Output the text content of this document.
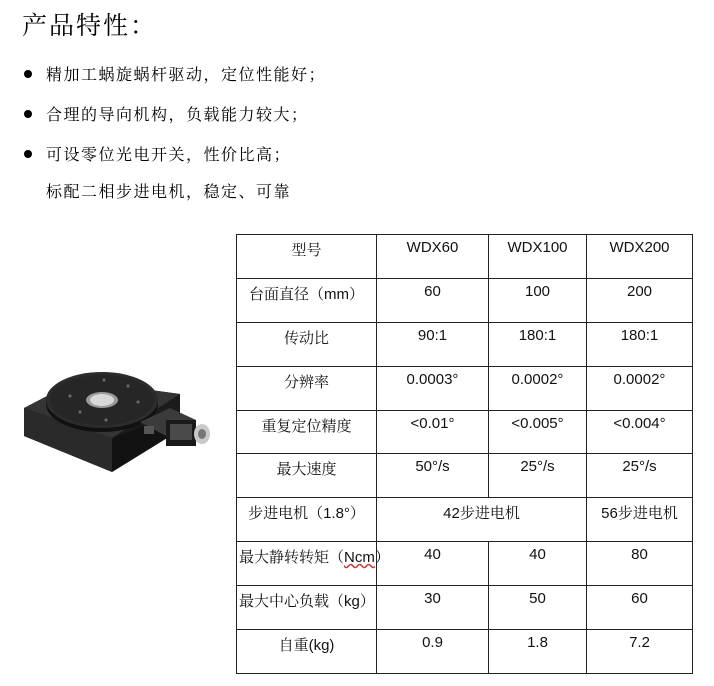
产品特性：
精加工蜗旋蜗杆驱动，定位性能好；
合理的导向机构，负载能力较大；
可设零位光电开关，性价比高；
标配二相步进电机，稳定、可靠
型号	WDX60	WDX100	WDX200
台面直径（mm）	60	100	200
传动比	90:1	180:1	180:1
分辨率	0.0003°	0.0002°	0.0002°
重复定位精度	<0.01°	<0.005°	<0.004°
最大速度	50°/s	25°/s	25°/s
步进电机（1.8°）	42步进电机		56步进电机
最大静转转矩（Ncm）	40	40	80
最大中心负载（kg）	30	50	60
自重(kg)	0.9	1.8	7.2
